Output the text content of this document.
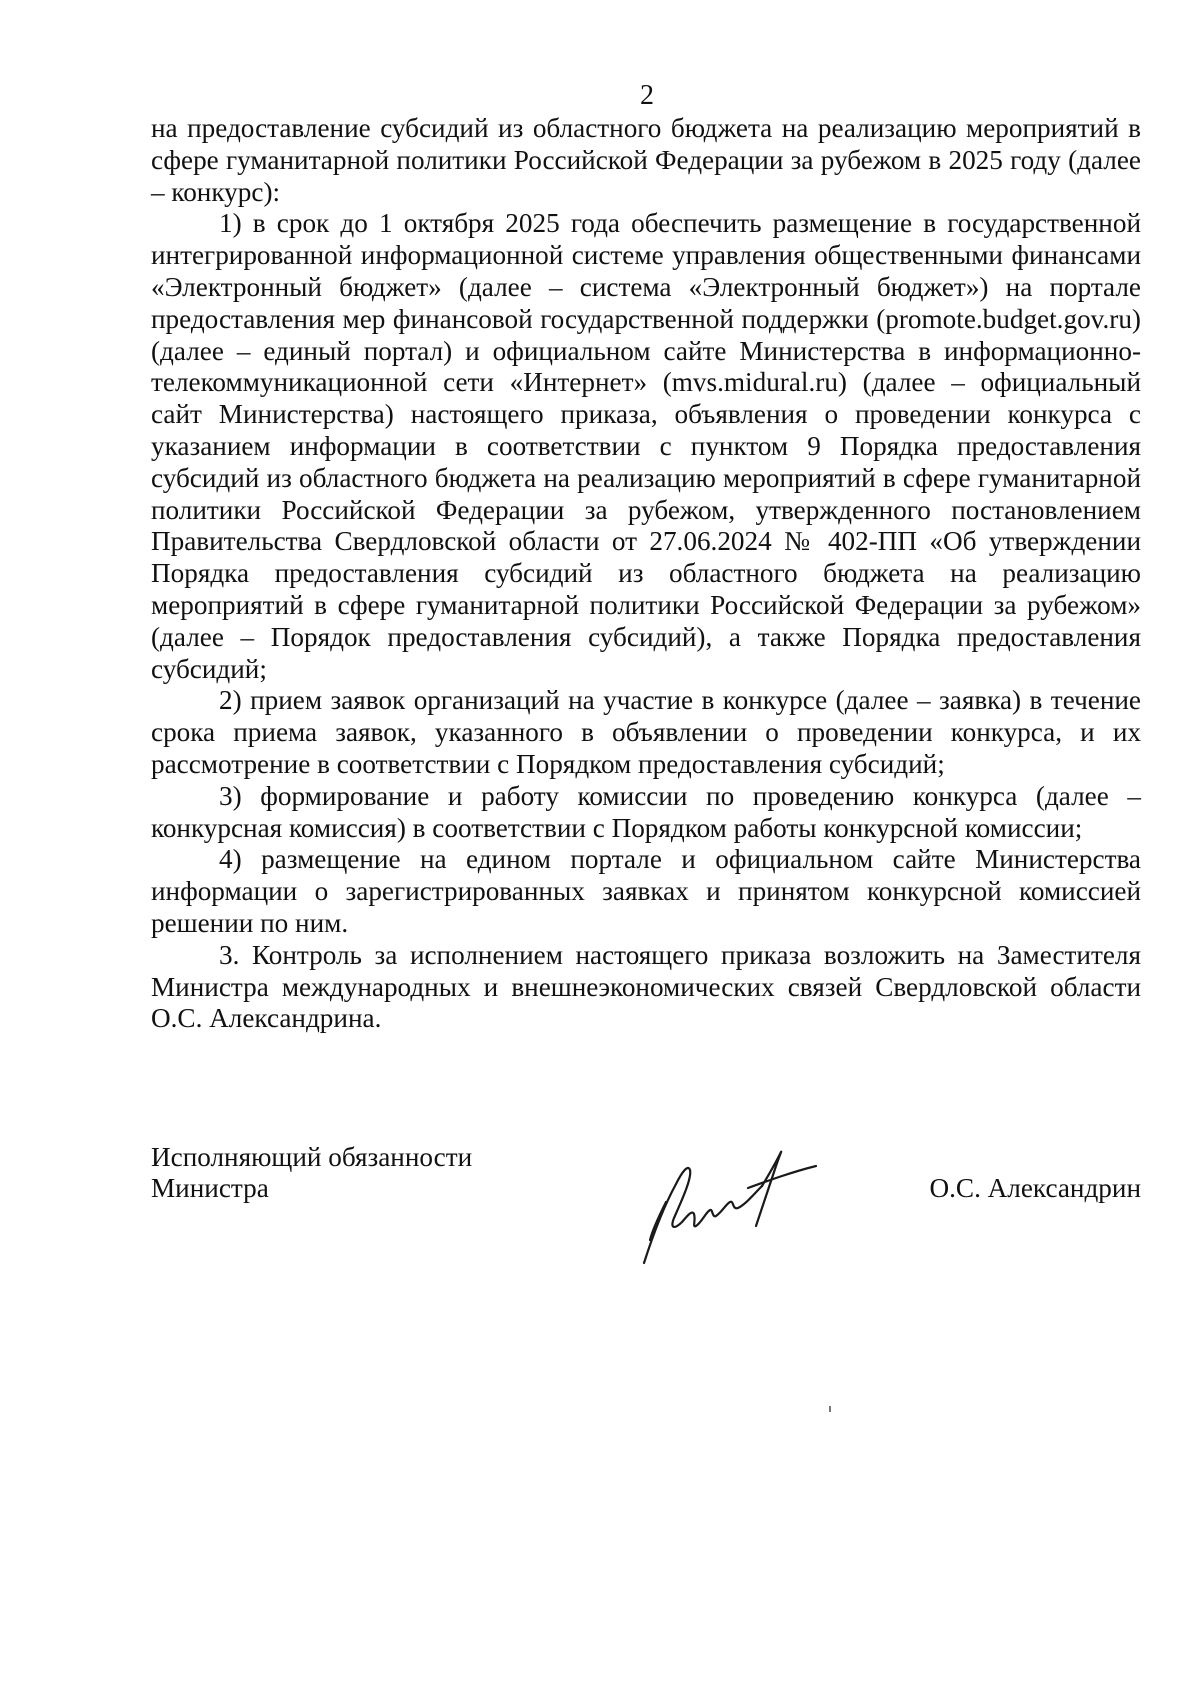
2

на предоставление субсидий из областного бюджета на реализацию мероприятий в сфере гуманитарной политики Российской Федерации за рубежом в 2025 году (далее – конкурс):

1) в срок до 1 октября 2025 года обеспечить размещение в государственной интегрированной информационной системе управления общественными финансами «Электронный бюджет» (далее – система «Электронный бюджет») на портале предоставления мер финансовой государственной поддержки (promote.budget.gov.ru) (далее – единый портал) и официальном сайте Министерства в информационно-телекоммуникационной сети «Интернет» (mvs.midural.ru) (далее – официальный сайт Министерства) настоящего приказа, объявления о проведении конкурса с указанием информации в соответствии с пунктом 9 Порядка предоставления субсидий из областного бюджета на реализацию мероприятий в сфере гуманитарной политики Российской Федерации за рубежом, утвержденного постановлением Правительства Свердловской области от 27.06.2024 № 402-ПП «Об утверждении Порядка предоставления субсидий из областного бюджета на реализацию мероприятий в сфере гуманитарной политики Российской Федерации за рубежом» (далее – Порядок предоставления субсидий), а также Порядка предоставления субсидий;

2) прием заявок организаций на участие в конкурсе (далее – заявка) в течение срока приема заявок, указанного в объявлении о проведении конкурса, и их рассмотрение в соответствии с Порядком предоставления субсидий;

3) формирование и работу комиссии по проведению конкурса (далее – конкурсная комиссия) в соответствии с Порядком работы конкурсной комиссии;

4) размещение на едином портале и официальном сайте Министерства информации о зарегистрированных заявках и принятом конкурсной комиссией решении по ним.

3. Контроль за исполнением настоящего приказа возложить на Заместителя Министра международных и внешнеэкономических связей Свердловской области О.С. Александрина.

Исполняющий обязанности
Министра	О.С. Александрин
